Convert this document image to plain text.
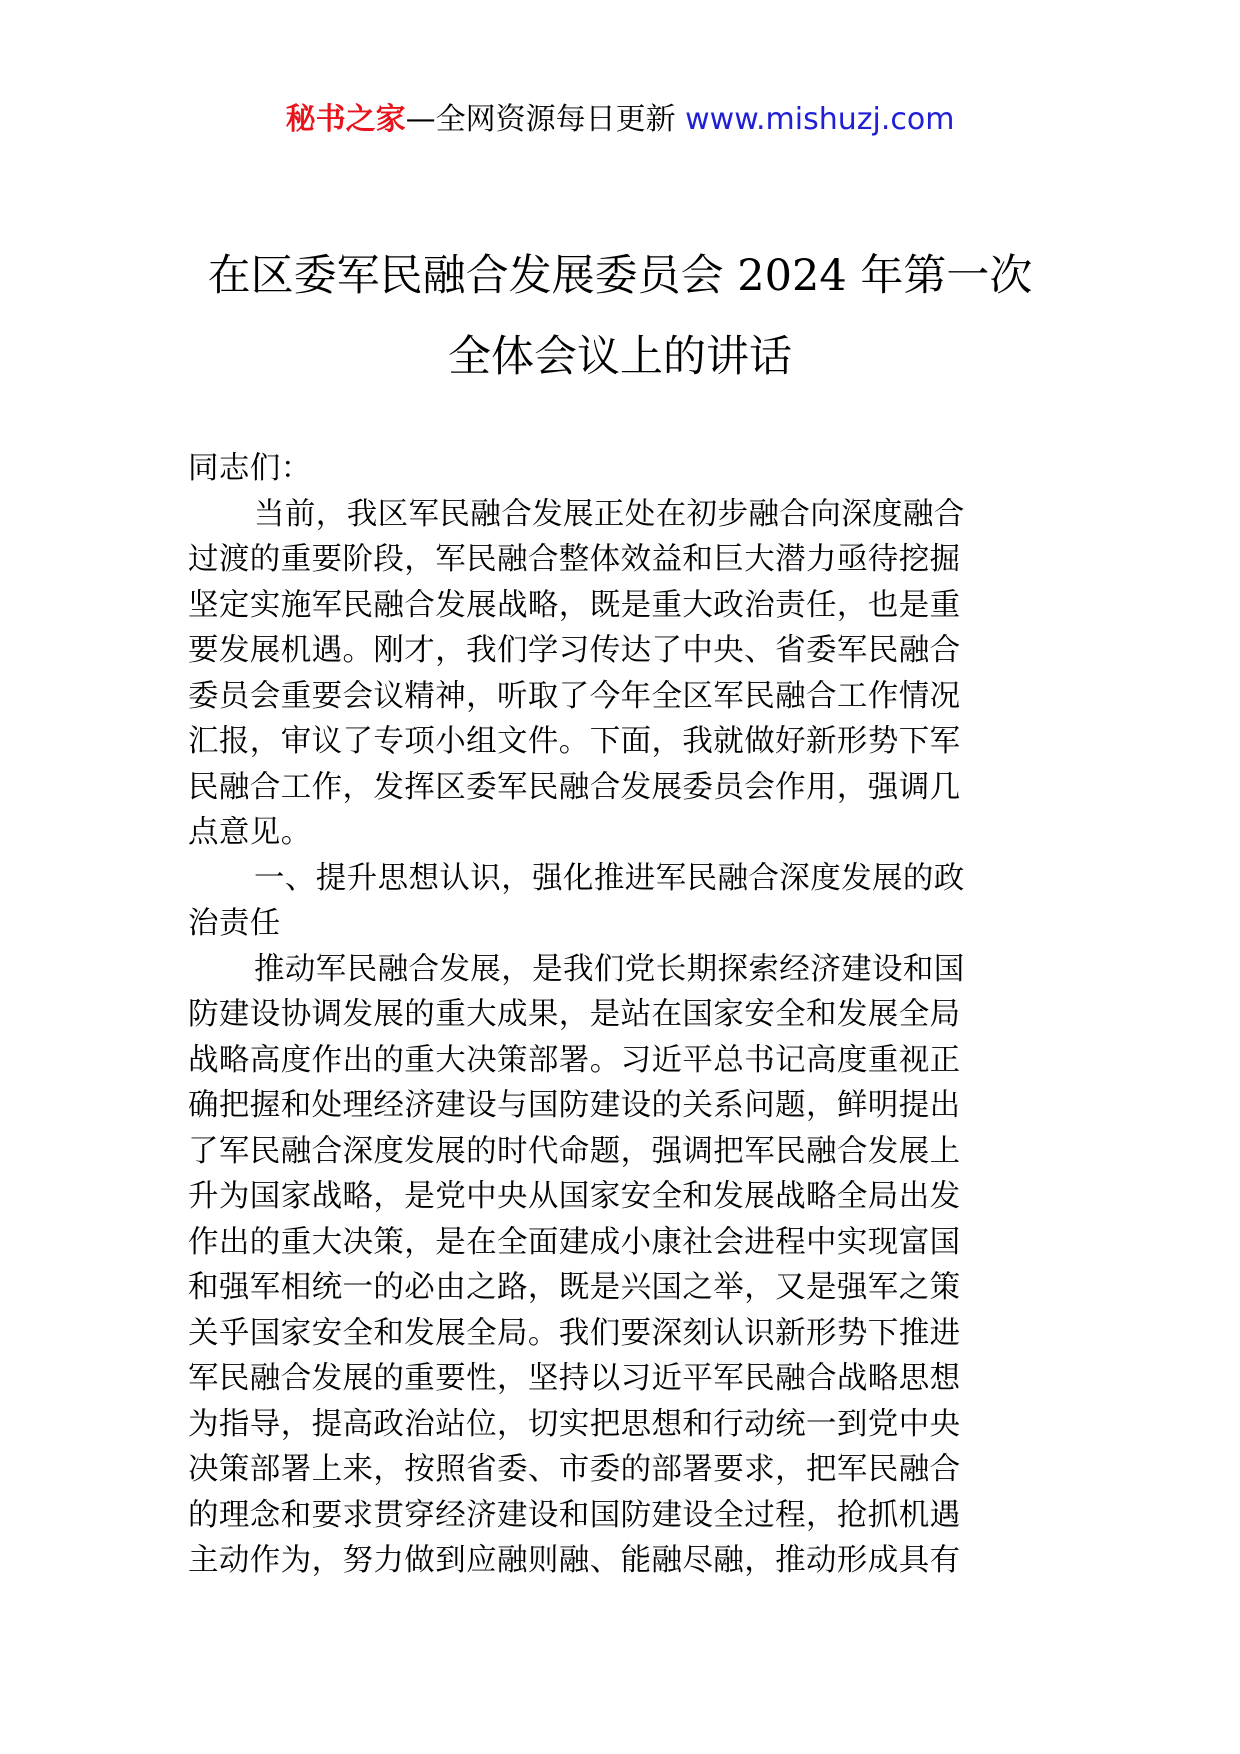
秘书之家—全网资源每日更新 www.mishuzj.com
在区委军民融合发展委员会 2024 年第一次
全体会议上的讲话
同志们：
当前，我区军民融合发展正处在初步融合向深度融合
过渡的重要阶段，军民融合整体效益和巨大潜力亟待挖掘
坚定实施军民融合发展战略，既是重大政治责任，也是重
要发展机遇。刚才，我们学习传达了中央、省委军民融合
委员会重要会议精神，听取了今年全区军民融合工作情况
汇报，审议了专项小组文件。下面，我就做好新形势下军
民融合工作，发挥区委军民融合发展委员会作用，强调几
点意见。
一、提升思想认识，强化推进军民融合深度发展的政
治责任
推动军民融合发展，是我们党长期探索经济建设和国
防建设协调发展的重大成果，是站在国家安全和发展全局
战略高度作出的重大决策部署。习近平总书记高度重视正
确把握和处理经济建设与国防建设的关系问题，鲜明提出
了军民融合深度发展的时代命题，强调把军民融合发展上
升为国家战略，是党中央从国家安全和发展战略全局出发
作出的重大决策，是在全面建成小康社会进程中实现富国
和强军相统一的必由之路，既是兴国之举，又是强军之策
关乎国家安全和发展全局。我们要深刻认识新形势下推进
军民融合发展的重要性，坚持以习近平军民融合战略思想
为指导，提高政治站位，切实把思想和行动统一到党中央
决策部署上来，按照省委、市委的部署要求，把军民融合
的理念和要求贯穿经济建设和国防建设全过程，抢抓机遇
主动作为，努力做到应融则融、能融尽融，推动形成具有
